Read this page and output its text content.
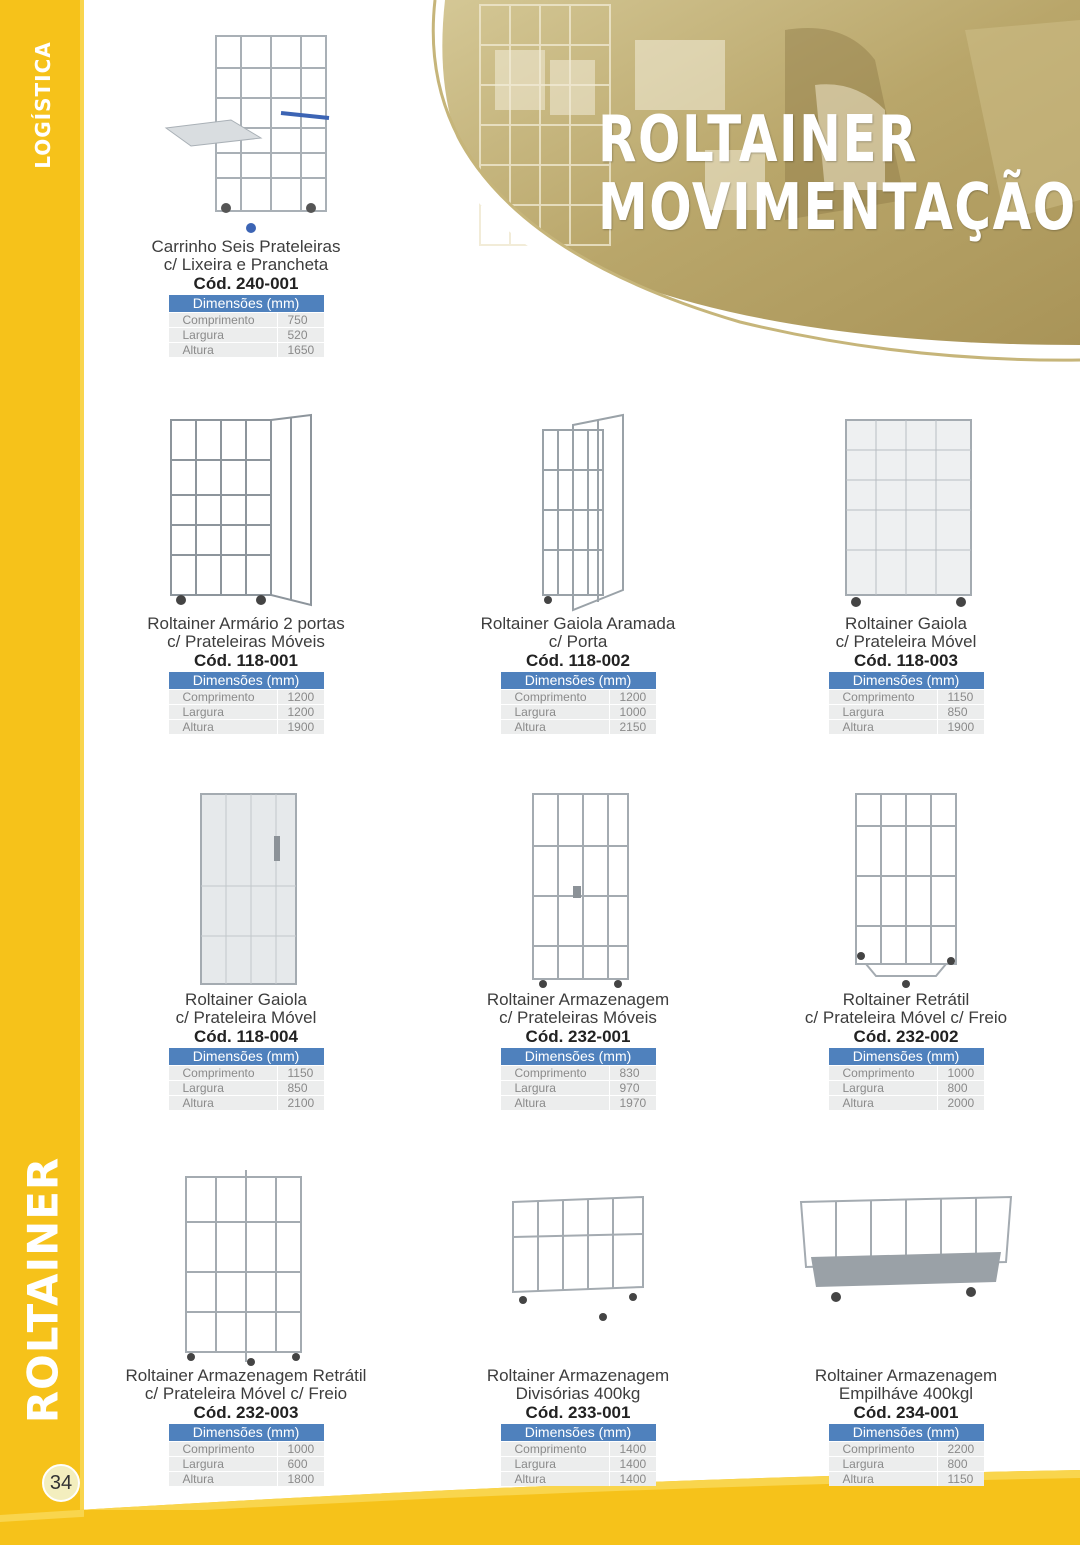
LOGÍSTICA
ROLTAINER
34
ROLTAINER
MOVIMENTAÇÃO
Carrinho Seis Prateleiras
c/ Lixeira e Prancheta
Cód. 240-001
Dimensões (mm)
Comprimento	750
Largura	520
Altura	1650
Roltainer Armário 2 portas
c/ Prateleiras Móveis
Cód. 118-001
Dimensões (mm)
Comprimento	1200
Largura	1200
Altura	1900
Roltainer Gaiola Aramada
c/ Porta
Cód. 118-002
Dimensões (mm)
Comprimento	1200
Largura	1000
Altura	2150
Roltainer Gaiola
c/ Prateleira Móvel
Cód. 118-003
Dimensões (mm)
Comprimento	1150
Largura	850
Altura	1900
Roltainer Gaiola
c/ Prateleira Móvel
Cód. 118-004
Dimensões (mm)
Comprimento	1150
Largura	850
Altura	2100
Roltainer Armazenagem
c/ Prateleiras Móveis
Cód. 232-001
Dimensões (mm)
Comprimento	830
Largura	970
Altura	1970
Roltainer Retrátil
c/ Prateleira Móvel c/ Freio
Cód. 232-002
Dimensões (mm)
Comprimento	1000
Largura	800
Altura	2000
Roltainer Armazenagem Retrátil
c/ Prateleira Móvel c/ Freio
Cód. 232-003
Dimensões (mm)
Comprimento	1000
Largura	600
Altura	1800
Roltainer Armazenagem
Divisórias 400kg
Cód. 233-001
Dimensões (mm)
Comprimento	1400
Largura	1400
Altura	1400
Roltainer Armazenagem
Empilháve 400kgl
Cód. 234-001
Dimensões (mm)
Comprimento	2200
Largura	800
Altura	1150
